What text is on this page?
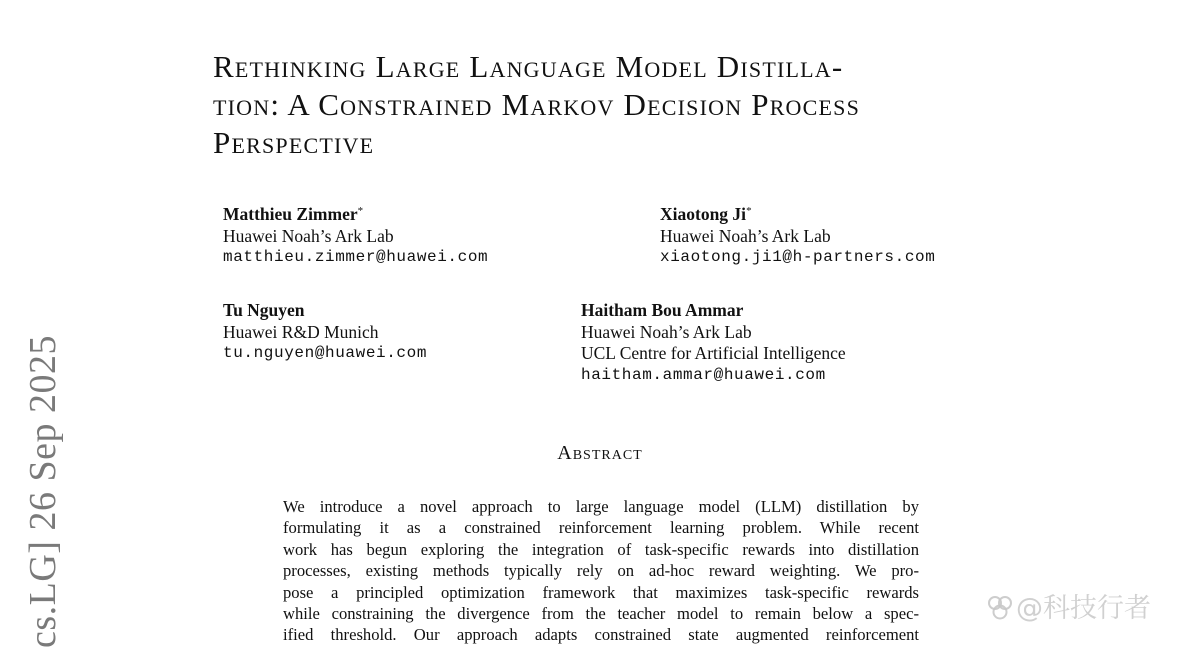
Rethinking Large Language Model Distilla-
tion: A Constrained Markov Decision Process
Perspective
Matthieu Zimmer*
Huawei Noah’s Ark Lab
matthieu.zimmer@huawei.com
Xiaotong Ji*
Huawei Noah’s Ark Lab
xiaotong.ji1@h-partners.com
Tu Nguyen
Huawei R&D Munich
tu.nguyen@huawei.com
Haitham Bou Ammar
Huawei Noah’s Ark Lab
UCL Centre for Artificial Intelligence
haitham.ammar@huawei.com
Abstract
We introduce a novel approach to large language model (LLM) distillation by
formulating it as a constrained reinforcement learning problem. While recent
work has begun exploring the integration of task-specific rewards into distillation
processes, existing methods typically rely on ad-hoc reward weighting. We pro-
pose a principled optimization framework that maximizes task-specific rewards
while constraining the divergence from the teacher model to remain below a spec-
ified threshold. Our approach adapts constrained state augmented reinforcement
cs.LG] 26 Sep 2025	@科技行者
